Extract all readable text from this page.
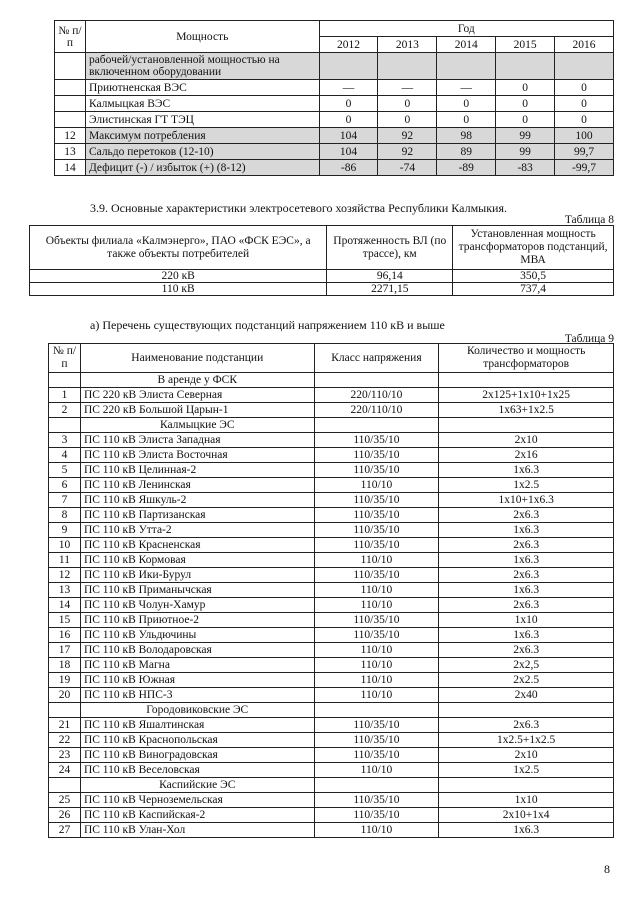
№ п/п	Мощность	Год				
		2012	2013	2014	2015	2016
	рабочей/установленной мощностью на включенном оборудовании					
	Приютненская ВЭС	—	—	—	0	0
	Калмыцкая ВЭС	0	0	0	0	0
	Элистинская ГТ ТЭЦ	0	0	0	0	0
12	Максимум потребления	104	92	98	99	100
13	Сальдо перетоков (12-10)	104	92	89	99	99,7
14	Дефицит (-) / избыток (+) (8-12)	-86	-74	-89	-83	-99,7
3.9. Основные характеристики электросетевого хозяйства Республики Калмыкия.
Таблица 8
Объекты филиала «Калмэнерго», ПАО «ФСК ЕЭС», а также объекты потребителей	Протяженность ВЛ (по трассе), км	Установленная мощность трансформаторов подстанций, МВА
220 кВ	96,14	350,5
110 кВ	2271,15	737,4
а) Перечень существующих подстанций напряжением 110 кВ и выше
Таблица 9
№ п/п	Наименование подстанции	Класс напряжения	Количество и мощность трансформаторов
	В аренде у ФСК		
1	ПС 220 кВ Элиста Северная	220/110/10	2х125+1х10+1х25
2	ПС 220 кВ Большой Царын-1	220/110/10	1х63+1х2.5
	Калмыцкие ЭС		
3	ПС 110 кВ Элиста Западная	110/35/10	2х10
4	ПС 110 кВ Элиста Восточная	110/35/10	2х16
5	ПС 110 кВ Целинная-2	110/35/10	1х6.3
6	ПС 110 кВ Ленинская	110/10	1х2.5
7	ПС 110 кВ Яшкуль-2	110/35/10	1х10+1х6.3
8	ПС 110 кВ Партизанская	110/35/10	2х6.3
9	ПС 110 кВ Утта-2	110/35/10	1х6.3
10	ПС 110 кВ Красненская	110/35/10	2х6.3
11	ПС 110 кВ Кормовая	110/10	1х6.3
12	ПС 110 кВ Ики-Бурул	110/35/10	2х6.3
13	ПС 110 кВ Приманычская	110/10	1х6.3
14	ПС 110 кВ Чолун-Хамур	110/10	2х6.3
15	ПС 110 кВ Приютное-2	110/35/10	1х10
16	ПС 110 кВ Ульдючины	110/35/10	1х6.3
17	ПС 110 кВ Володаровская	110/10	2х6.3
18	ПС 110 кВ Магна	110/10	2х2,5
19	ПС 110 кВ Южная	110/10	2х2.5
20	ПС 110 кВ НПС-3	110/10	2х40
	Городовиковские ЭС		
21	ПС 110 кВ Яшалтинская	110/35/10	2х6.3
22	ПС 110 кВ Краснопольская	110/35/10	1х2.5+1х2.5
23	ПС 110 кВ Виноградовская	110/35/10	2х10
24	ПС 110 кВ Веселовская	110/10	1х2.5
	Каспийские ЭС		
25	ПС 110 кВ Черноземельская	110/35/10	1х10
26	ПС 110 кВ Каспийская-2	110/35/10	2х10+1х4
27	ПС 110 кВ Улан-Хол	110/10	1х6.3
8
